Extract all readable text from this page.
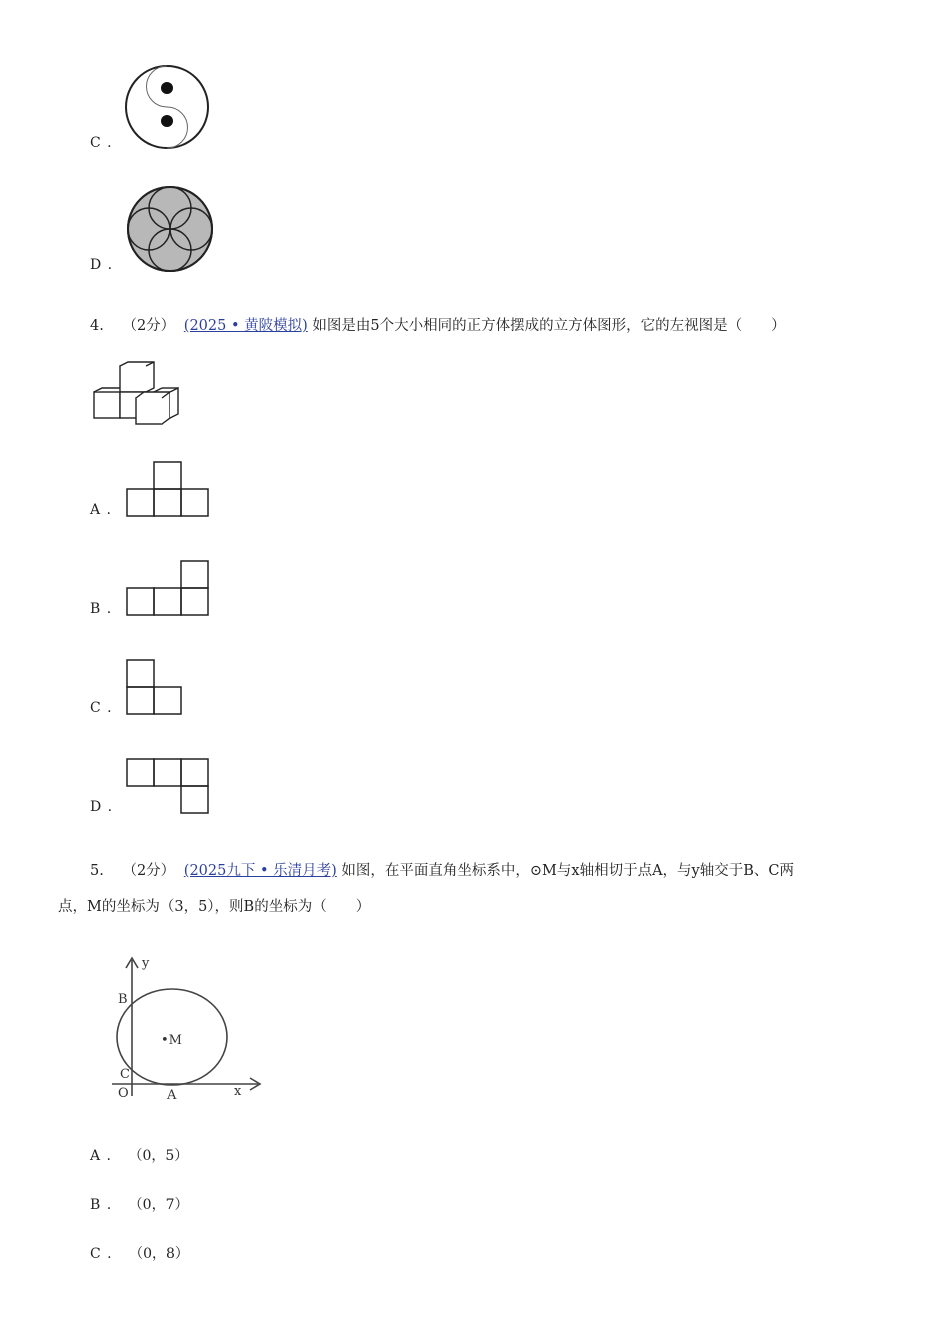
C .
D .
4. （2分） (2025 • 黄陂模拟) 如图是由5个大小相同的正方体摆成的立方体图形，它的左视图是（　　）
A .
B .
C .
D .
5. （2分） (2025九下 • 乐清月考) 如图，在平面直角坐标系中，⊙M与x轴相切于点A，与y轴交于B、C两
点，M的坐标为（3，5），则B的坐标为（　　）
y
x
B
C
O	A
•M
A . （0，5）
B . （0，7）
C . （0，8）
